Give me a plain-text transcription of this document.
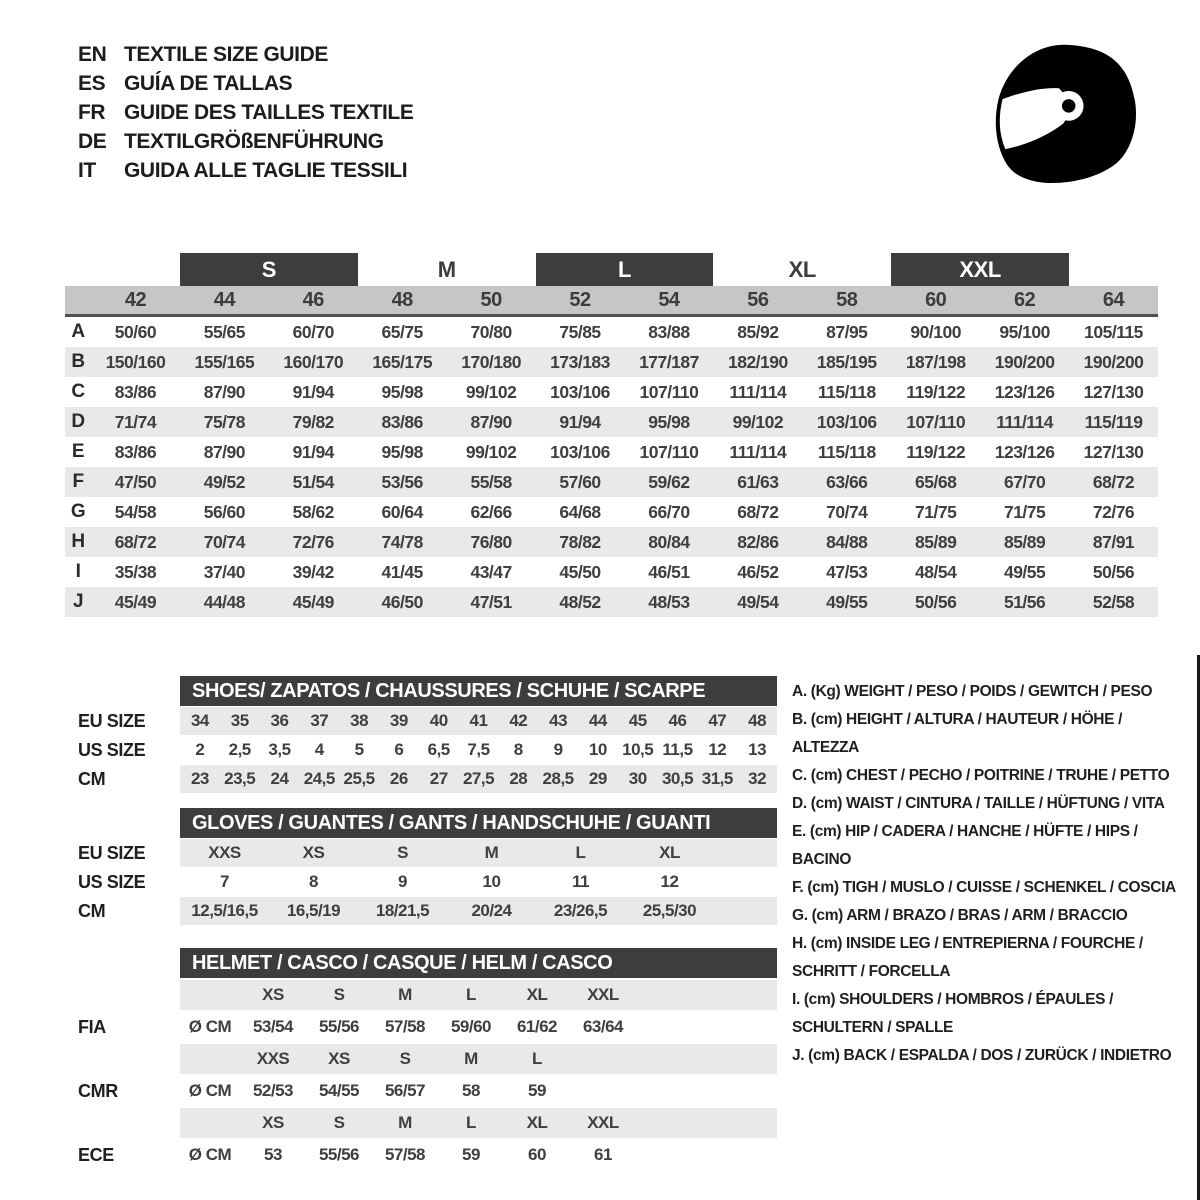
EN TEXTILE SIZE GUIDE
ES GUÍA DE TALLAS
FR GUIDE DES TAILLES TEXTILE
DE TEXTILGRÖßENFÜHRUNG
IT	GUIDA ALLE TAGLIE TESSILI
S	M	L	XL	XXL
42	44	46	48	50	52	54	56	58	60	62	64
A	50/60	55/65	60/70	65/75	70/80	75/85	83/88	85/92	87/95	90/100	95/100	105/115
B	150/160	155/165	160/170	165/175	170/180	173/183	177/187	182/190	185/195	187/198	190/200	190/200
C	83/86	87/90	91/94	95/98	99/102	103/106	107/110	111/114	115/118	119/122	123/126	127/130
D	71/74	75/78	79/82	83/86	87/90	91/94	95/98	99/102	103/106	107/110	111/114	115/119
E	83/86	87/90	91/94	95/98	99/102	103/106	107/110	111/114	115/118	119/122	123/126	127/130
F	47/50	49/52	51/54	53/56	55/58	57/60	59/62	61/63	63/66	65/68	67/70	68/72
G	54/58	56/60	58/62	60/64	62/66	64/68	66/70	68/72	70/74	71/75	71/75	72/76
H	68/72	70/74	72/76	74/78	76/80	78/82	80/84	82/86	84/88	85/89	85/89	87/91
I	35/38	37/40	39/42	41/45	43/47	45/50	46/51	46/52	47/53	48/54	49/55	50/56
J	45/49	44/48	45/49	46/50	47/51	48/52	48/53	49/54	49/55	50/56	51/56	52/58
SHOES/ ZAPATOS / CHAUSSURES / SCHUHE / SCARPE
EU SIZE	34	35	36	37	38	39	40	41	42	43	44	45	46	47	48
US SIZE	2	2,5	3,5	4	5	6	6,5	7,5	8	9	10 10,5 11,5 12	13
CM	23 23,5 24 24,5 25,5 26	27 27,5 28 28,5 29	30 30,5 31,5 32
GLOVES / GUANTES / GANTS / HANDSCHUHE / GUANTI
EU SIZE	XXS	XS	S	M	L	XL
US SIZE	7	8	9	10	11	12
CM	12,5/16,5	16,5/19	18/21,5	20/24	23/26,5	25,5/30
HELMET / CASCO / CASQUE / HELM / CASCO
XS	S	M	L	XL	XXL
FIA	Ø CM	53/54	55/56	57/58	59/60	61/62	63/64
XXS	XS	S	M	L
CMR	Ø CM	52/53	54/55	56/57	58	59
XS	S	M	L	XL	XXL
ECE	Ø CM	53	55/56	57/58	59	60	61
A. (Kg) WEIGHT / PESO / POIDS / GEWITCH / PESO
B. (cm) HEIGHT / ALTURA / HAUTEUR / HÖHE / ALTEZZA
C. (cm) CHEST / PECHO / POITRINE / TRUHE / PETTO
D. (cm) WAIST / CINTURA / TAILLE / HÜFTUNG / VITA
E. (cm) HIP / CADERA / HANCHE / HÜFTE / HIPS / BACINO
F. (cm) TIGH / MUSLO / CUISSE / SCHENKEL / COSCIA
G. (cm) ARM / BRAZO / BRAS / ARM / BRACCIO
H. (cm) INSIDE LEG / ENTREPIERNA / FOURCHE / SCHRITT / FORCELLA
I. (cm) SHOULDERS / HOMBROS / ÉPAULES / SCHULTERN / SPALLE
J. (cm) BACK / ESPALDA / DOS / ZURÜCK / INDIETRO
